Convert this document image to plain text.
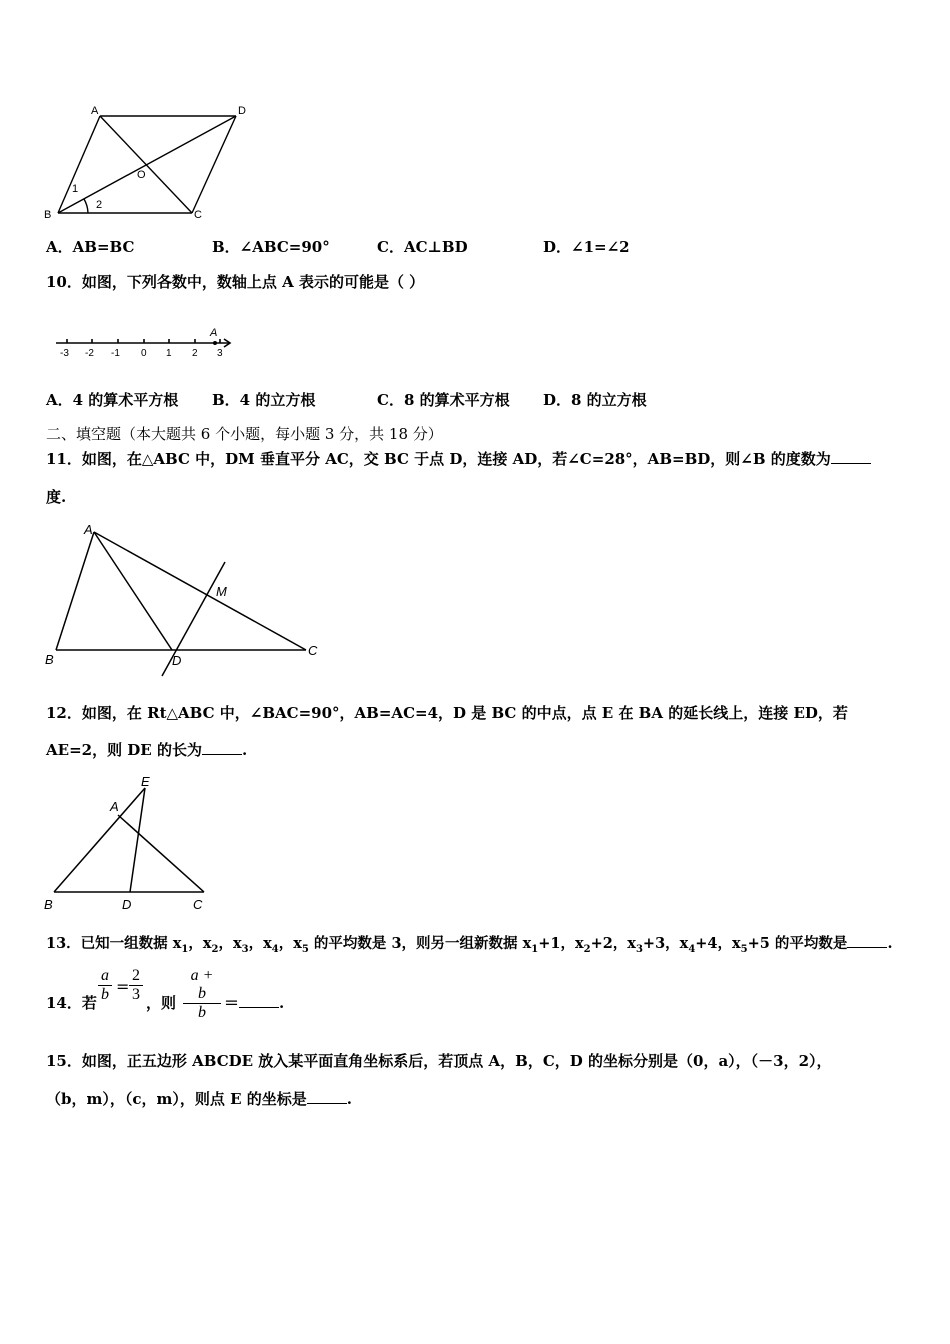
A	D
B	C
O
1
2
A．AB=BC	B．∠ABC=90°	C．AC⊥BD	D．∠1=∠2
10．如图，下列各数中，数轴上点 A 表示的可能是（ ）
A
-3 -2 -1 0 1 2 3
A．4 的算术平方根 B．4 的立方根	C．8 的算术平方根 D．8 的立方根
二、填空题（本大题共 6 个小题，每小题 3 分，共 18 分）
11．如图，在△ABC 中，DM 垂直平分 AC，交 BC 于点 D，连接 AD，若∠C=28°，AB=BD，则∠B 的度数为
度.
A
M
B	D
C
12．如图，在 Rt△ABC 中，∠BAC=90°，AB=AC=4，D 是 BC 的中点，点 E 在 BA 的延长线上，连接 ED，若
AE=2，则 DE 的长为	.
E
A
B	D	C
13．已知一组数据 $x_1$，$x_2$，$x_3$，$x_4$，$x_5$ 的平均数是 3，则另一组新数据 $x_1+1$，$x_2+2$，$x_3+3$，$x_4+4$，$x_5+5$ 的平均数是	.
14．若 $\frac{a}{b} = \frac{2}{3}$ ，则 $\frac{a + b}{b}$ ＝	.
15．如图，正五边形 ABCDE 放入某平面直角坐标系后，若顶点 A，B，C，D 的坐标分别是（0，a），（－3，2），
（b，m），（c，m），则点 E 的坐标是	.
